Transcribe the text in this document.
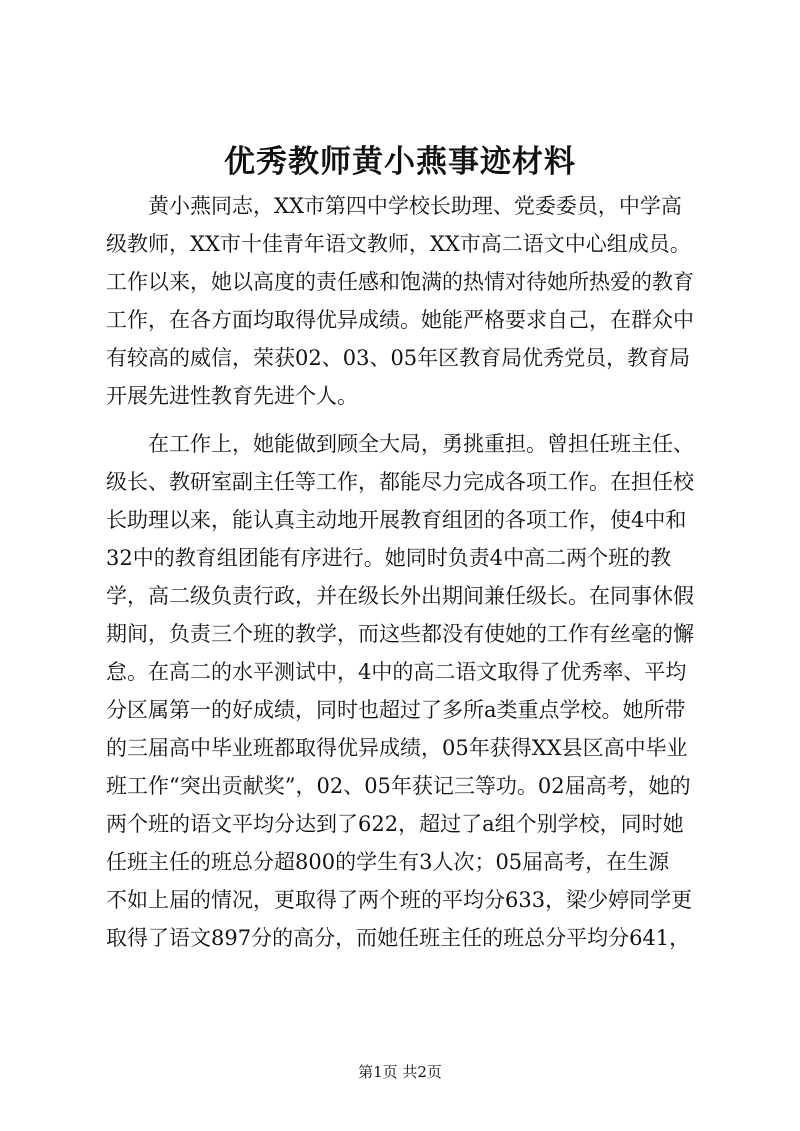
优秀教师黄小燕事迹材料
　　黄小燕同志，XX市第四中学校长助理、党委委员，中学高
级教师，XX市十佳青年语文教师，XX市高二语文中心组成员。
工作以来，她以高度的责任感和饱满的热情对待她所热爱的教育
工作，在各方面均取得优异成绩。她能严格要求自己，在群众中
有较高的威信，荣获02、03、05年区教育局优秀党员，教育局
开展先进性教育先进个人。
　　在工作上，她能做到顾全大局，勇挑重担。曾担任班主任、
级长、教研室副主任等工作，都能尽力完成各项工作。在担任校
长助理以来，能认真主动地开展教育组团的各项工作，使4中和
32中的教育组团能有序进行。她同时负责4中高二两个班的教
学，高二级负责行政，并在级长外出期间兼任级长。在同事休假
期间，负责三个班的教学，而这些都没有使她的工作有丝毫的懈
怠。在高二的水平测试中，4中的高二语文取得了优秀率、平均
分区属第一的好成绩，同时也超过了多所a类重点学校。她所带
的三届高中毕业班都取得优异成绩，05年获得XX县区高中毕业
班工作“突出贡献奖”，02、05年获记三等功。02届高考，她的
两个班的语文平均分达到了622，超过了a组个别学校，同时她
任班主任的班总分超800的学生有3人次；05届高考，在生源
不如上届的情况，更取得了两个班的平均分633，梁少婷同学更
取得了语文897分的高分，而她任班主任的班总分平均分641，
第1页 共2页
